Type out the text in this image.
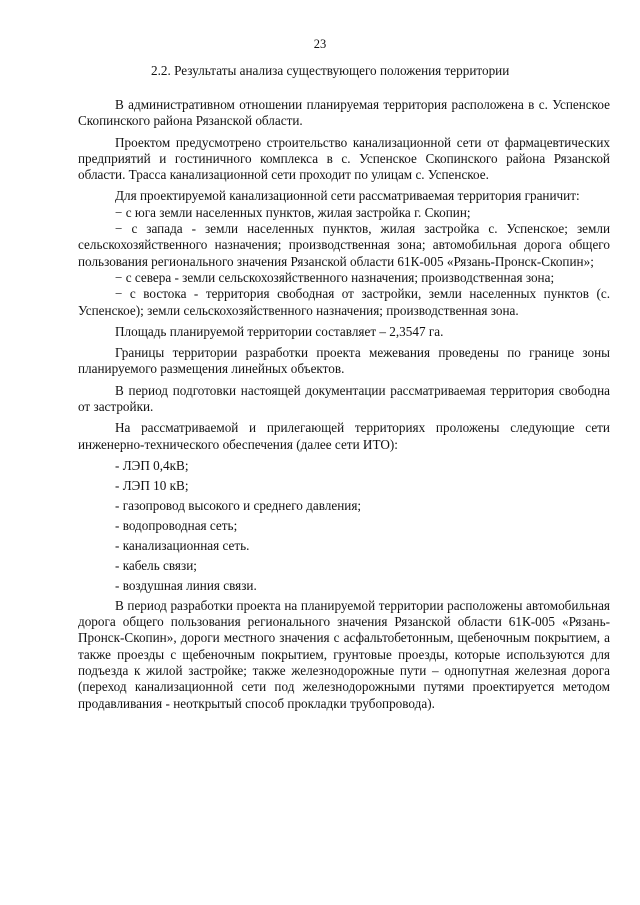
23
2.2. Результаты анализа существующего положения территории

В административном отношении планируемая территория расположена в с. Успенское Скопинского района Рязанской области.

Проектом предусмотрено строительство канализационной сети от фармацевтических предприятий и гостиничного комплекса в с. Успенское Скопинского района Рязанской области. Трасса канализационной сети проходит по улицам с. Успенское.

Для проектируемой канализационной сети рассматриваемая территория граничит:

− с юга земли населенных пунктов, жилая застройка г. Скопин;

− с запада - земли населенных пунктов, жилая застройка с. Успенское; земли сельскохозяйственного назначения; производственная зона; автомобильная дорога общего пользования регионального значения Рязанской области 61К-005 «Рязань-Пронск-Скопин»;

− с севера - земли сельскохозяйственного назначения; производственная зона;

− с востока - территория свободная от застройки, земли населенных пунктов (с. Успенское); земли сельскохозяйственного назначения; производственная зона.

Площадь планируемой территории составляет – 2,3547 га.

Границы территории разработки проекта межевания проведены по границе зоны планируемого размещения линейных объектов.

В период подготовки настоящей документации рассматриваемая территория свободна от застройки.

На рассматриваемой и прилегающей территориях проложены следующие сети инженерно-технического обеспечения (далее сети ИТО):

- ЛЭП 0,4кВ;

- ЛЭП 10 кВ;

- газопровод высокого и среднего давления;

- водопроводная сеть;

- канализационная сеть.

- кабель связи;

- воздушная линия связи.

В период разработки проекта на планируемой территории расположены автомобильная дорога общего пользования регионального значения Рязанской области 61К-005 «Рязань-Пронск-Скопин», дороги местного значения с асфальтобетонным, щебеночным покрытием, а также проезды с щебеночным покрытием, грунтовые проезды, которые используются для подъезда к жилой застройке; также железнодорожные пути – однопутная железная дорога (переход канализационной сети под железнодорожными путями проектируется методом продавливания - неоткрытый способ прокладки трубопровода).
